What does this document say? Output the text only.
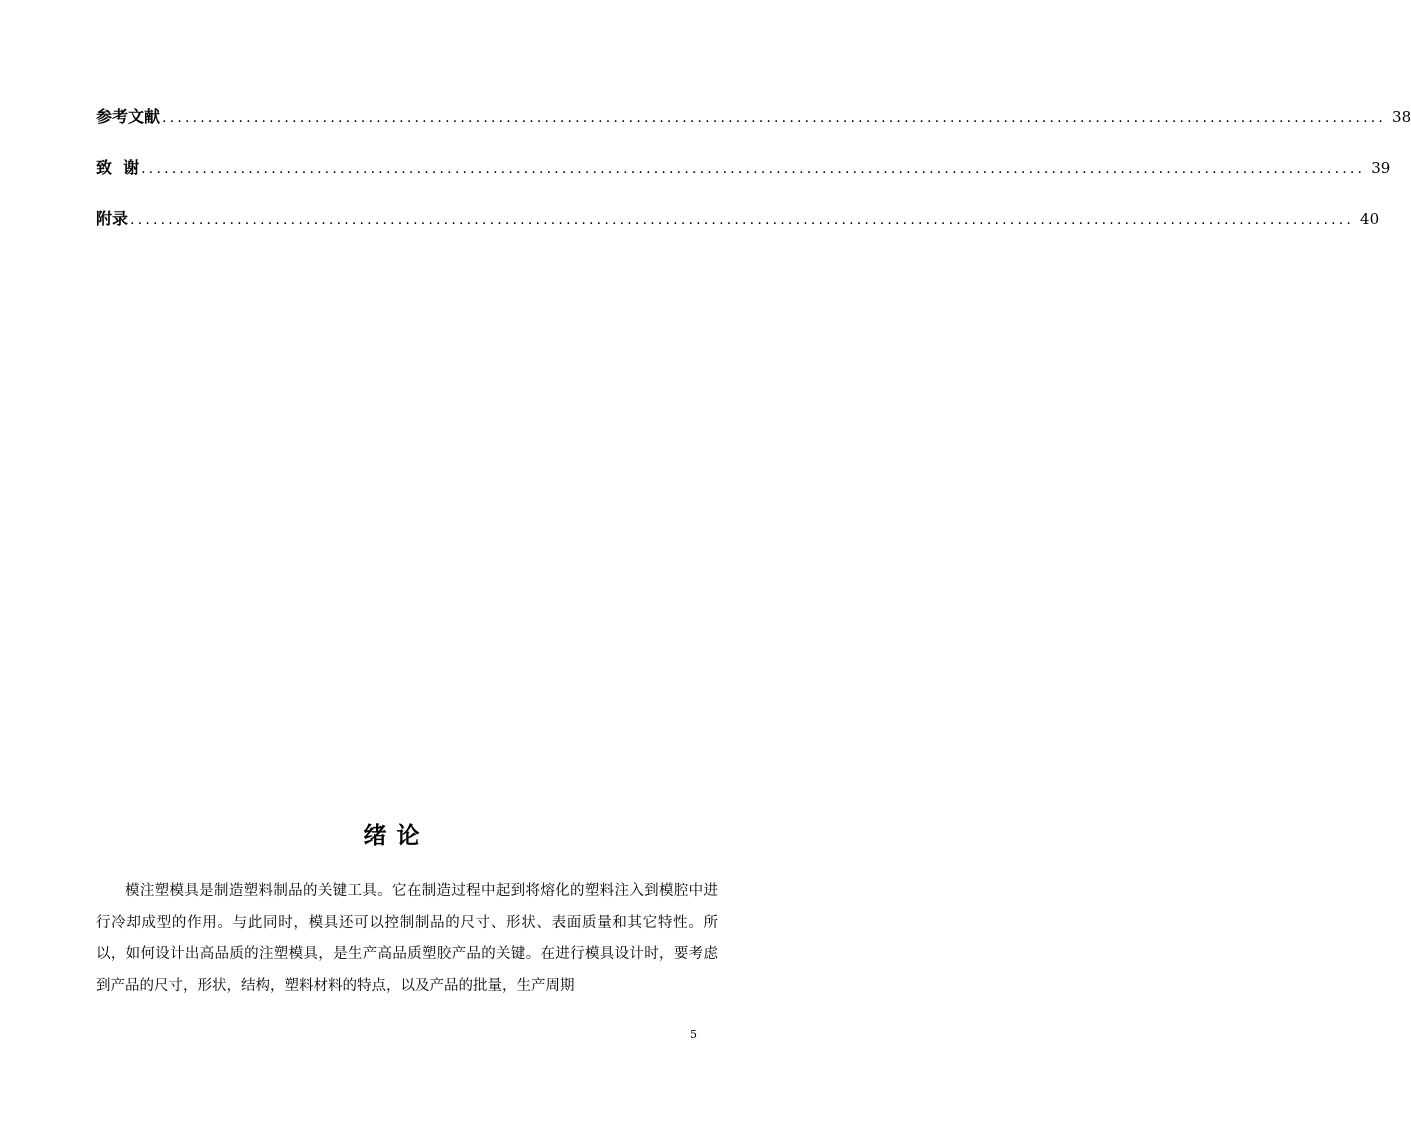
参考文献 ................................................................................................................................................................ 38
致  谢 ................................................................................................................................................................ 39
附录 ................................................................................................................................................................ 40
绪论

模注塑模具是制造塑料制品的关键工具。它在制造过程中起到将熔化的塑料注入到模腔中进行冷却成型的作用。与此同时，模具还可以控制制品的尺寸、形状、表面质量和其它特性。所以，如何设计出高品质的注塑模具，是生产高品质塑胶产品的关键。在进行模具设计时，要考虑到产品的尺寸，形状，结构，塑料材料的特点，以及产品的批量，生产周期

5
